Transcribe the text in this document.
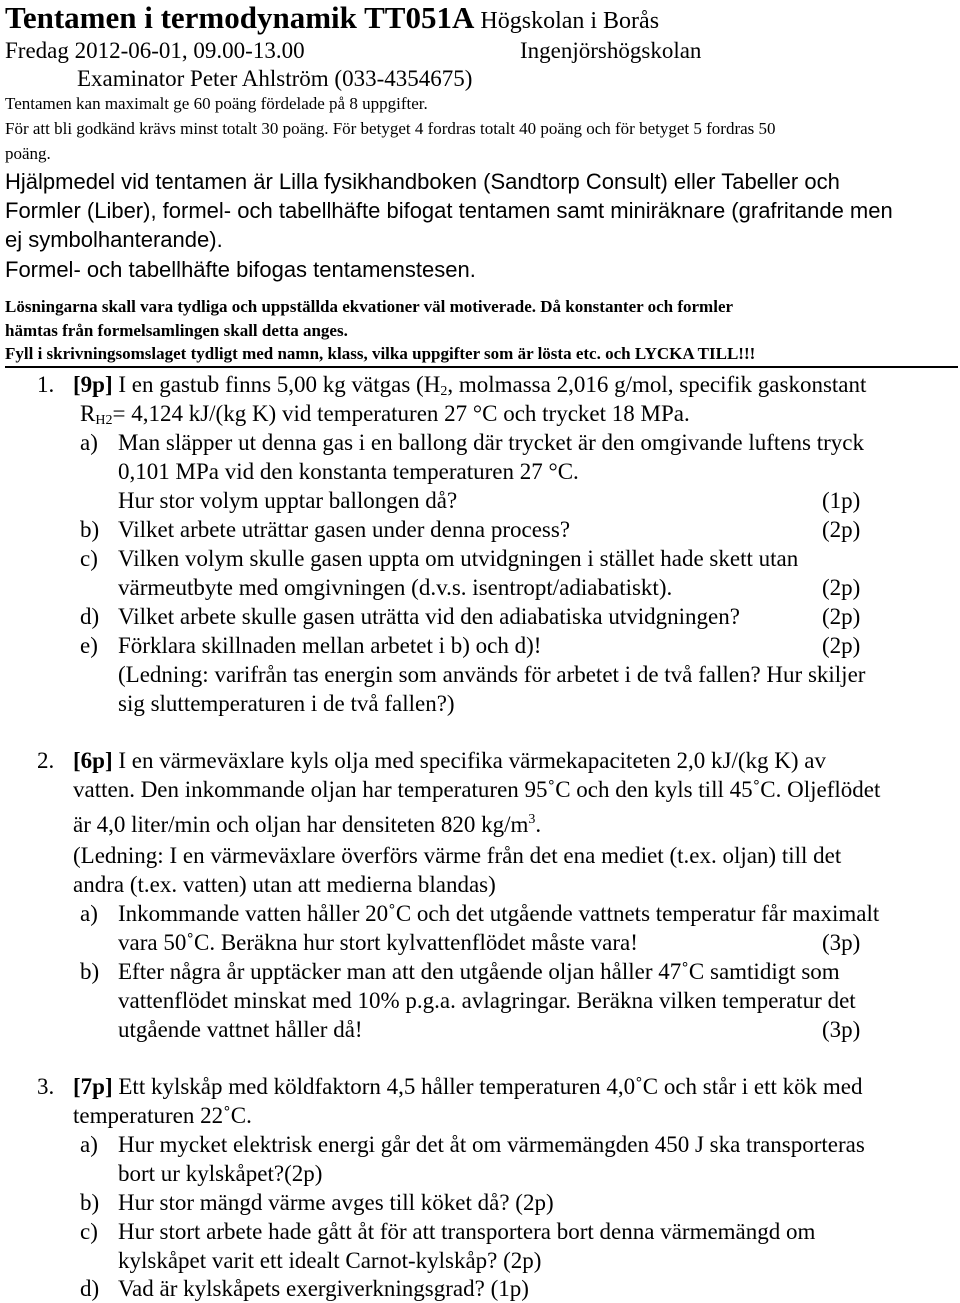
Tentamen i termodynamik TT051A Högskolan i Borås
Fredag 2012-06-01, 09.00-13.00	Ingenjörshögskolan
Examinator Peter Ahlström (033-4354675)
Tentamen kan maximalt ge 60 poäng fördelade på 8 uppgifter.
För att bli godkänd krävs minst totalt 30 poäng. För betyget 4 fordras totalt 40 poäng och för betyget 5 fordras 50
poäng.
Hjälpmedel vid tentamen är Lilla fysikhandboken (Sandtorp Consult) eller Tabeller och
Formler (Liber), formel- och tabellhäfte bifogat tentamen samt miniräknare (grafritande men
ej symbolhanterande).
Formel- och tabellhäfte bifogas tentamenstesen.
Lösningarna skall vara tydliga och uppställda ekvationer väl motiverade. Då konstanter och formler
hämtas från formelsamlingen skall detta anges.
Fyll i skrivningsomslaget tydligt med namn, klass, vilka uppgifter som är lösta etc. och LYCKA TILL!!!
1. [9p] I en gastub finns 5,00 kg vätgas ($H_2$, molmassa 2,016 g/mol, specifik gaskonstant
$R_{H2}= 4,124$ kJ/(kg K) vid temperaturen 27 °C och trycket 18 MPa.
a) Man släpper ut denna gas i en ballong där trycket är den omgivande luftens tryck
0,101 MPa vid den konstanta temperaturen 27 °C.
Hur stor volym upptar ballongen då?	(1p)
b) Vilket arbete uträttar gasen under denna process?	(2p)
c) Vilken volym skulle gasen uppta om utvidgningen i stället hade skett utan
värmeutbyte med omgivningen (d.v.s. isentropt/adiabatiskt).	(2p)
d) Vilket arbete skulle gasen uträtta vid den adiabatiska utvidgningen?	(2p)
e) Förklara skillnaden mellan arbetet i b) och d)!	(2p)
(Ledning: varifrån tas energin som används för arbetet i de två fallen? Hur skiljer
sig sluttemperaturen i de två fallen?)
2. [6p] I en värmeväxlare kyls olja med specifika värmekapaciteten 2,0 kJ/(kg K) av
vatten. Den inkommande oljan har temperaturen 95˚C och den kyls till 45˚C. Oljeflödet
är 4,0 liter/min och oljan har densiteten 820 $kg/m^3$.
(Ledning: I en värmeväxlare överförs värme från det ena mediet (t.ex. oljan) till det
andra (t.ex. vatten) utan att medierna blandas)
a) Inkommande vatten håller 20˚C och det utgående vattnets temperatur får maximalt
vara 50˚C. Beräkna hur stort kylvattenflödet måste vara!	(3p)
b) Efter några år upptäcker man att den utgående oljan håller 47˚C samtidigt som
vattenflödet minskat med 10% p.g.a. avlagringar. Beräkna vilken temperatur det
utgående vattnet håller då!	(3p)
3. [7p] Ett kylskåp med köldfaktorn 4,5 håller temperaturen 4,0˚C och står i ett kök med
temperaturen 22˚C.
a) Hur mycket elektrisk energi går det åt om värmemängden 450 J ska transporteras
bort ur kylskåpet?(2p)
b) Hur stor mängd värme avges till köket då? (2p)
c) Hur stort arbete hade gått åt för att transportera bort denna värmemängd om
kylskåpet varit ett idealt Carnot-kylskåp? (2p)
d) Vad är kylskåpets exergiverkningsgrad? (1p)
